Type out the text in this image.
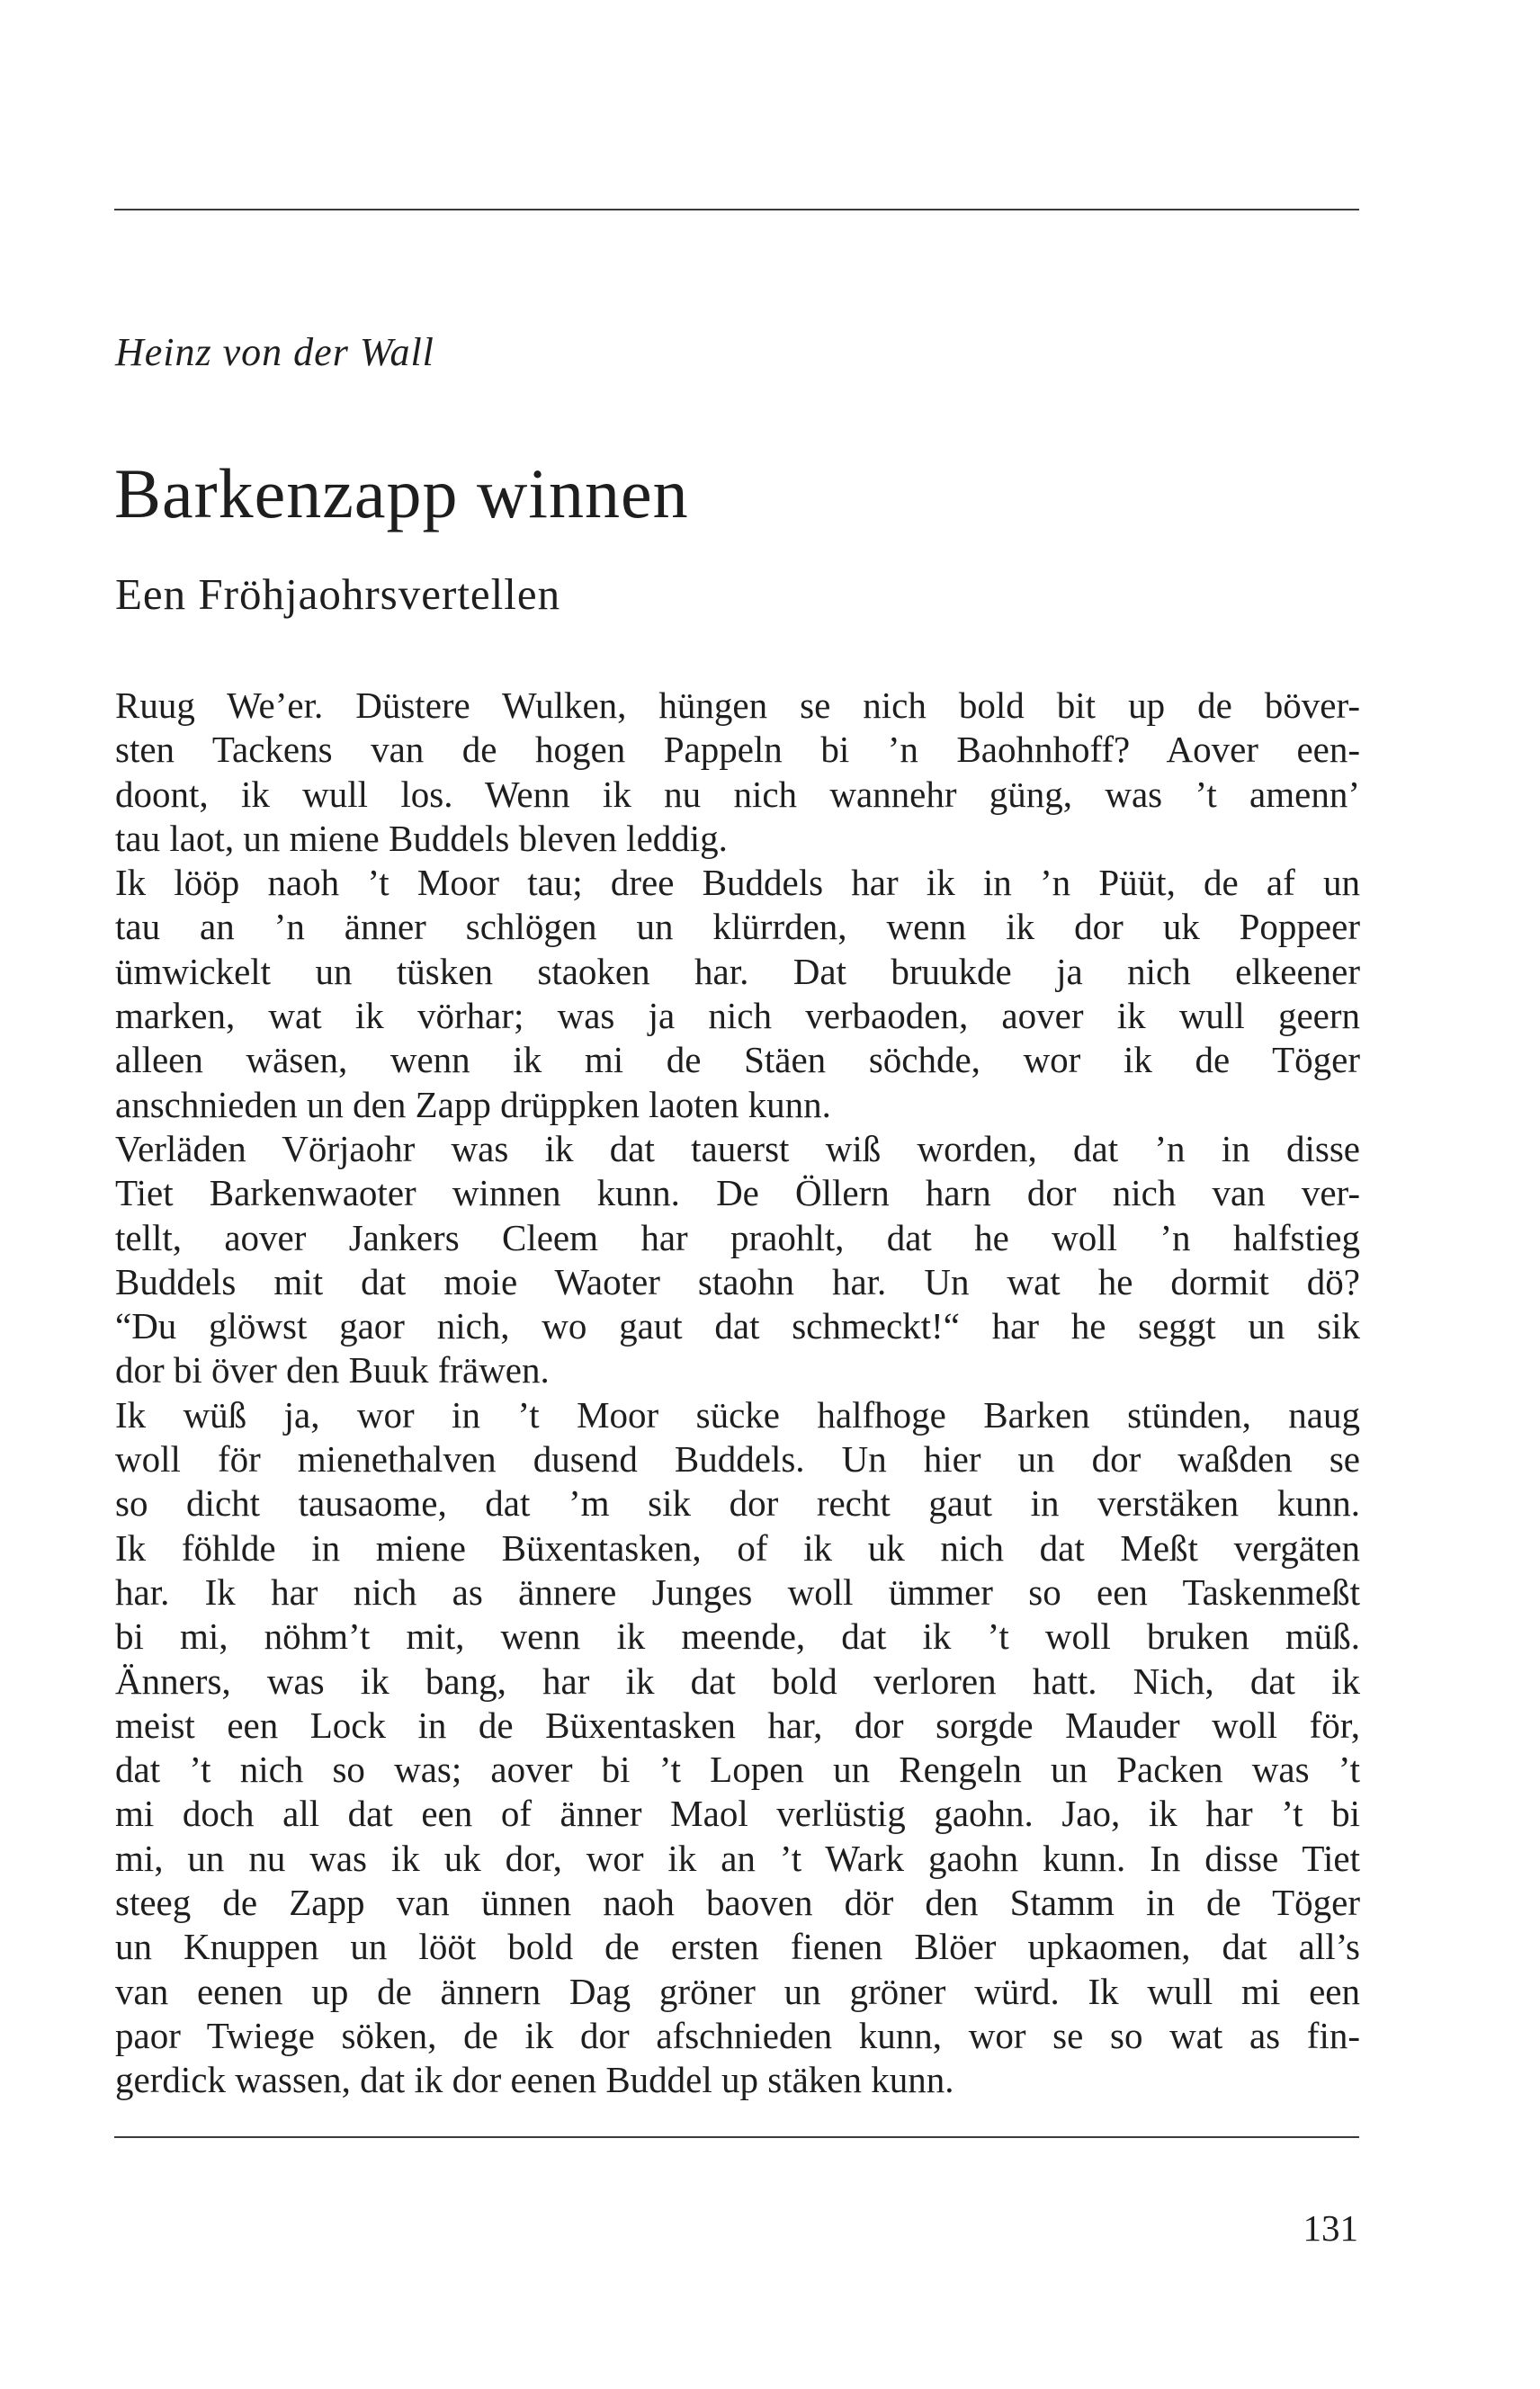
Heinz von der Wall
Barkenzapp winnen
Een Fröhjaohrsvertellen
Ruug We’er. Düstere Wulken, hüngen se nich bold bit up de böver-
sten Tackens van de hogen Pappeln bi ’n Baohnhoff? Aover een-
doont, ik wull los. Wenn ik nu nich wannehr güng, was ’t amenn’
tau laot, un miene Buddels bleven leddig.
Ik lööp naoh ’t Moor tau; dree Buddels har ik in ’n Püüt, de af un
tau an ’n änner schlögen un klürrden, wenn ik dor uk Poppeer
ümwickelt un tüsken staoken har. Dat bruukde ja nich elkeener
marken, wat ik vörhar; was ja nich verbaoden, aover ik wull geern
alleen wäsen, wenn ik mi de Stäen söchde, wor ik de Töger
anschnieden un den Zapp drüppken laoten kunn.
Verläden Vörjaohr was ik dat tauerst wiß worden, dat ’n in disse
Tiet Barkenwaoter winnen kunn. De Öllern harn dor nich van ver-
tellt, aover Jankers Cleem har praohlt, dat he woll ’n halfstieg
Buddels mit dat moie Waoter staohn har. Un wat he dormit dö?
“Du glöwst gaor nich, wo gaut dat schmeckt!“ har he seggt un sik
dor bi över den Buuk fräwen.
Ik wüß ja, wor in ’t Moor sücke halfhoge Barken stünden, naug
woll för mienethalven dusend Buddels. Un hier un dor waßden se
so dicht tausaome, dat ’m sik dor recht gaut in verstäken kunn.
Ik föhlde in miene Büxentasken, of ik uk nich dat Meßt vergäten
har. Ik har nich as ännere Junges woll ümmer so een Taskenmeßt
bi mi, nöhm’t mit, wenn ik meende, dat ik ’t woll bruken müß.
Änners, was ik bang, har ik dat bold verloren hatt. Nich, dat ik
meist een Lock in de Büxentasken har, dor sorgde Mauder woll för,
dat ’t nich so was; aover bi ’t Lopen un Rengeln un Packen was ’t
mi doch all dat een of änner Maol verlüstig gaohn. Jao, ik har ’t bi
mi, un nu was ik uk dor, wor ik an ’t Wark gaohn kunn. In disse Tiet
steeg de Zapp van ünnen naoh baoven dör den Stamm in de Töger
un Knuppen un lööt bold de ersten fienen Blöer upkaomen, dat all’s
van eenen up de ännern Dag gröner un gröner würd. Ik wull mi een
paor Twiege söken, de ik dor afschnieden kunn, wor se so wat as fin-
gerdick wassen, dat ik dor eenen Buddel up stäken kunn.
131
